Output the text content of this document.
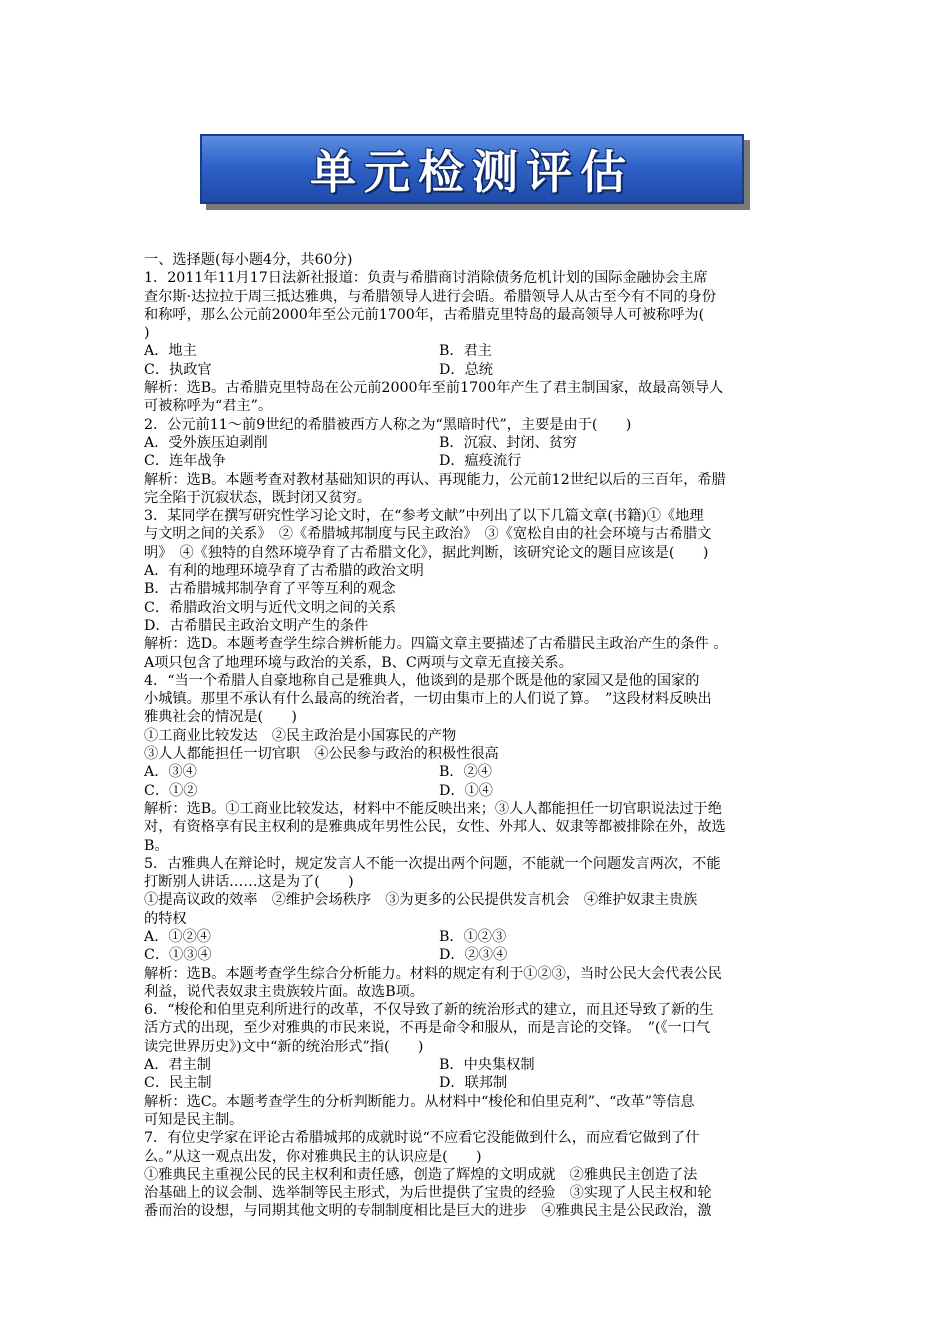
单元检测评估
一、选择题(每小题4分，共60分)
1．2011年11月17日法新社报道：负责与希腊商讨消除债务危机计划的国际金融协会主席
查尔斯·达拉拉于周三抵达雅典，与希腊领导人进行会晤。希腊领导人从古至今有不同的身份
和称呼，那么公元前2000年至公元前1700年，古希腊克里特岛的最高领导人可被称呼为(
)
A．地主	B．君主
C．执政官	D．总统
解析：选B。古希腊克里特岛在公元前2000年至前1700年产生了君主制国家，故最高领导人
可被称呼为“君主”。
2．公元前11～前9世纪的希腊被西方人称之为“黑暗时代”，主要是由于(　　)
A．受外族压迫剥削	B．沉寂、封闭、贫穷
C．连年战争	D．瘟疫流行
解析：选B。本题考查对教材基础知识的再认、再现能力，公元前12世纪以后的三百年，希腊
完全陷于沉寂状态，既封闭又贫穷。
3．某同学在撰写研究性学习论文时，在“参考文献”中列出了以下几篇文章(书籍)①《地理
与文明之间的关系》　②《希腊城邦制度与民主政治》　③《宽松自由的社会环境与古希腊文
明》　④《独特的自然环境孕育了古希腊文化》，据此判断，该研究论文的题目应该是(　　)
A．有利的地理环境孕育了古希腊的政治文明
B．古希腊城邦制孕育了平等互利的观念
C．希腊政治文明与近代文明之间的关系
D．古希腊民主政治文明产生的条件
解析：选D。本题考查学生综合辨析能力。四篇文章主要描述了古希腊民主政治产生的条件 。
A项只包含了地理环境与政治的关系，B、C两项与文章无直接关系。
4．“当一个希腊人自豪地称自己是雅典人，他谈到的是那个既是他的家园又是他的国家的
小城镇。那里不承认有什么最高的统治者，一切由集市上的人们说了算。　”这段材料反映出
雅典社会的情况是(　　)
①工商业比较发达　②民主政治是小国寡民的产物
③人人都能担任一切官职　④公民参与政治的积极性很高
A．③④	B．②④
C．①②	D．①④
解析：选B。①工商业比较发达，材料中不能反映出来；③人人都能担任一切官职说法过于绝
对，有资格享有民主权利的是雅典成年男性公民，女性、外邦人、奴隶等都被排除在外，故选
B。
5．古雅典人在辩论时，规定发言人不能一次提出两个问题，不能就一个问题发言两次，不能
打断别人讲话……这是为了(　　)
①提高议政的效率　②维护会场秩序　③为更多的公民提供发言机会　④维护奴隶主贵族
的特权
A．①②④	B．①②③
C．①③④	D．②③④
解析：选B。本题考查学生综合分析能力。材料的规定有利于①②③，当时公民大会代表公民
利益，说代表奴隶主贵族较片面。故选B项。
6．“梭伦和伯里克利所进行的改革，不仅导致了新的统治形式的建立，而且还导致了新的生
活方式的出现，至少对雅典的市民来说，不再是命令和服从，而是言论的交锋。　”(《一口气
读完世界历史》)文中“新的统治形式”指(　　)
A．君主制	B．中央集权制
C．民主制	D．联邦制
解析：选C。本题考查学生的分析判断能力。从材料中“梭伦和伯里克利”、“改革”等信息
可知是民主制。
7．有位史学家在评论古希腊城邦的成就时说“不应看它没能做到什么，而应看它做到了什
么。”从这一观点出发，你对雅典民主的认识应是(　　)
①雅典民主重视公民的民主权利和责任感，创造了辉煌的文明成就　②雅典民主创造了法
治基础上的议会制、选举制等民主形式，为后世提供了宝贵的经验　③实现了人民主权和轮
番而治的设想，与同期其他文明的专制制度相比是巨大的进步　④雅典民主是公民政治，激
